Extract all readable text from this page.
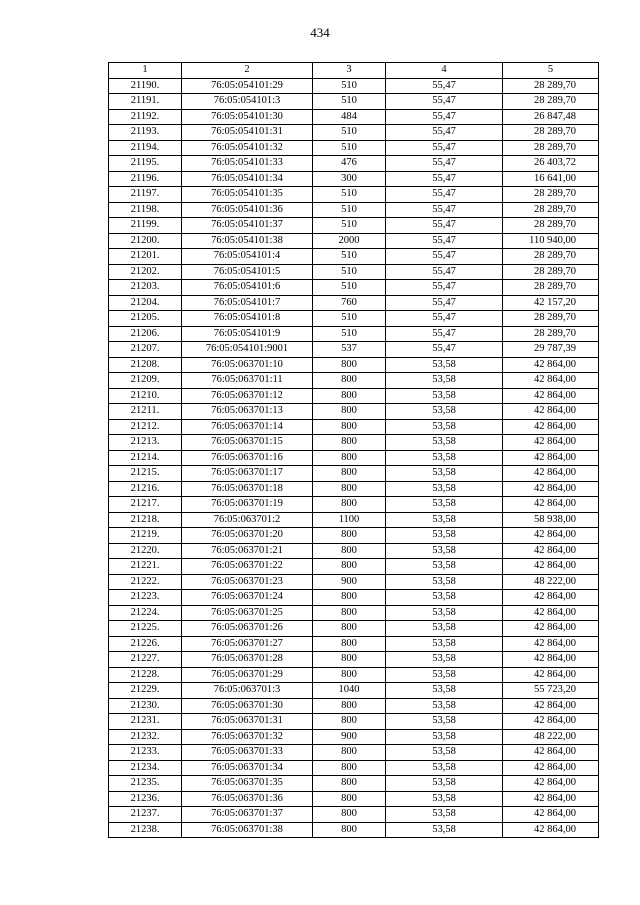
434
1	2	3	4	5
21190.	76:05:054101:29	510	55,47	28 289,70
21191.	76:05:054101:3	510	55,47	28 289,70
21192.	76:05:054101:30	484	55,47	26 847,48
21193.	76:05:054101:31	510	55,47	28 289,70
21194.	76:05:054101:32	510	55,47	28 289,70
21195.	76:05:054101:33	476	55,47	26 403,72
21196.	76:05:054101:34	300	55,47	16 641,00
21197.	76:05:054101:35	510	55,47	28 289,70
21198.	76:05:054101:36	510	55,47	28 289,70
21199.	76:05:054101:37	510	55,47	28 289,70
21200.	76:05:054101:38	2000	55,47	110 940,00
21201.	76:05:054101:4	510	55,47	28 289,70
21202.	76:05:054101:5	510	55,47	28 289,70
21203.	76:05:054101:6	510	55,47	28 289,70
21204.	76:05:054101:7	760	55,47	42 157,20
21205.	76:05:054101:8	510	55,47	28 289,70
21206.	76:05:054101:9	510	55,47	28 289,70
21207.	76:05:054101:9001	537	55,47	29 787,39
21208.	76:05:063701:10	800	53,58	42 864,00
21209.	76:05:063701:11	800	53,58	42 864,00
21210.	76:05:063701:12	800	53,58	42 864,00
21211.	76:05:063701:13	800	53,58	42 864,00
21212.	76:05:063701:14	800	53,58	42 864,00
21213.	76:05:063701:15	800	53,58	42 864,00
21214.	76:05:063701:16	800	53,58	42 864,00
21215.	76:05:063701:17	800	53,58	42 864,00
21216.	76:05:063701:18	800	53,58	42 864,00
21217.	76:05:063701:19	800	53,58	42 864,00
21218.	76:05:063701:2	1100	53,58	58 938,00
21219.	76:05:063701:20	800	53,58	42 864,00
21220.	76:05:063701:21	800	53,58	42 864,00
21221.	76:05:063701:22	800	53,58	42 864,00
21222.	76:05:063701:23	900	53,58	48 222,00
21223.	76:05:063701:24	800	53,58	42 864,00
21224.	76:05:063701:25	800	53,58	42 864,00
21225.	76:05:063701:26	800	53,58	42 864,00
21226.	76:05:063701:27	800	53,58	42 864,00
21227.	76:05:063701:28	800	53,58	42 864,00
21228.	76:05:063701:29	800	53,58	42 864,00
21229.	76:05:063701:3	1040	53,58	55 723,20
21230.	76:05:063701:30	800	53,58	42 864,00
21231.	76:05:063701:31	800	53,58	42 864,00
21232.	76:05:063701:32	900	53,58	48 222,00
21233.	76:05:063701:33	800	53,58	42 864,00
21234.	76:05:063701:34	800	53,58	42 864,00
21235.	76:05:063701:35	800	53,58	42 864,00
21236.	76:05:063701:36	800	53,58	42 864,00
21237.	76:05:063701:37	800	53,58	42 864,00
21238.	76:05:063701:38	800	53,58	42 864,00
